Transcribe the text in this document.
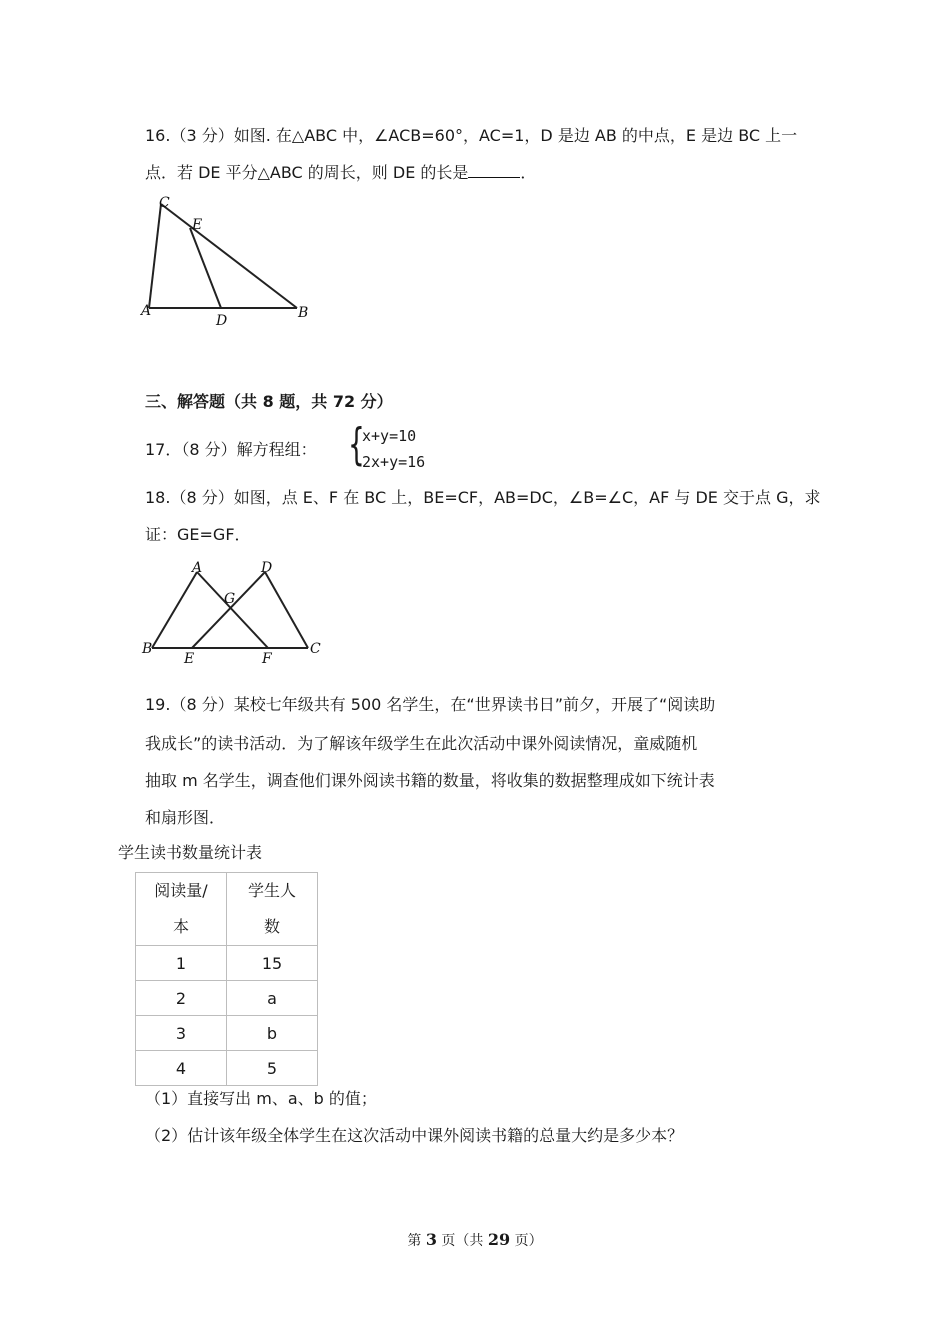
16.（3 分）如图. 在△ABC 中，∠ACB=60°，AC=1，D 是边 AB 的中点，E 是边 BC 上一
点．若 DE 平分△ABC 的周长，则 DE 的长是	．
C
E
A
D	B
三、解答题（共 8 题，共 72 分）
17．（8 分）解方程组： {
x+y=10
2x+y=16
18.（8 分）如图，点 E、F 在 BC 上，BE=CF，AB=DC，∠B=∠C，AF 与 DE 交于点 G，求
证：GE=GF．
A	D
G
B
E	F
C
19.（8 分）某校七年级共有 500 名学生，在“世界读书日”前夕，开展了“阅读助
我成长”的读书活动．为了解该年级学生在此次活动中课外阅读情况，童威随机
抽取 m 名学生，调查他们课外阅读书籍的数量，将收集的数据整理成如下统计表
和扇形图．
学生读书数量统计表
阅读量/
本	学生人
数
1	15
2	a
3	b
4	5
（1）直接写出 m、a、b 的值；
（2）估计该年级全体学生在这次活动中课外阅读书籍的总量大约是多少本？
第 3 页（共 29 页）
